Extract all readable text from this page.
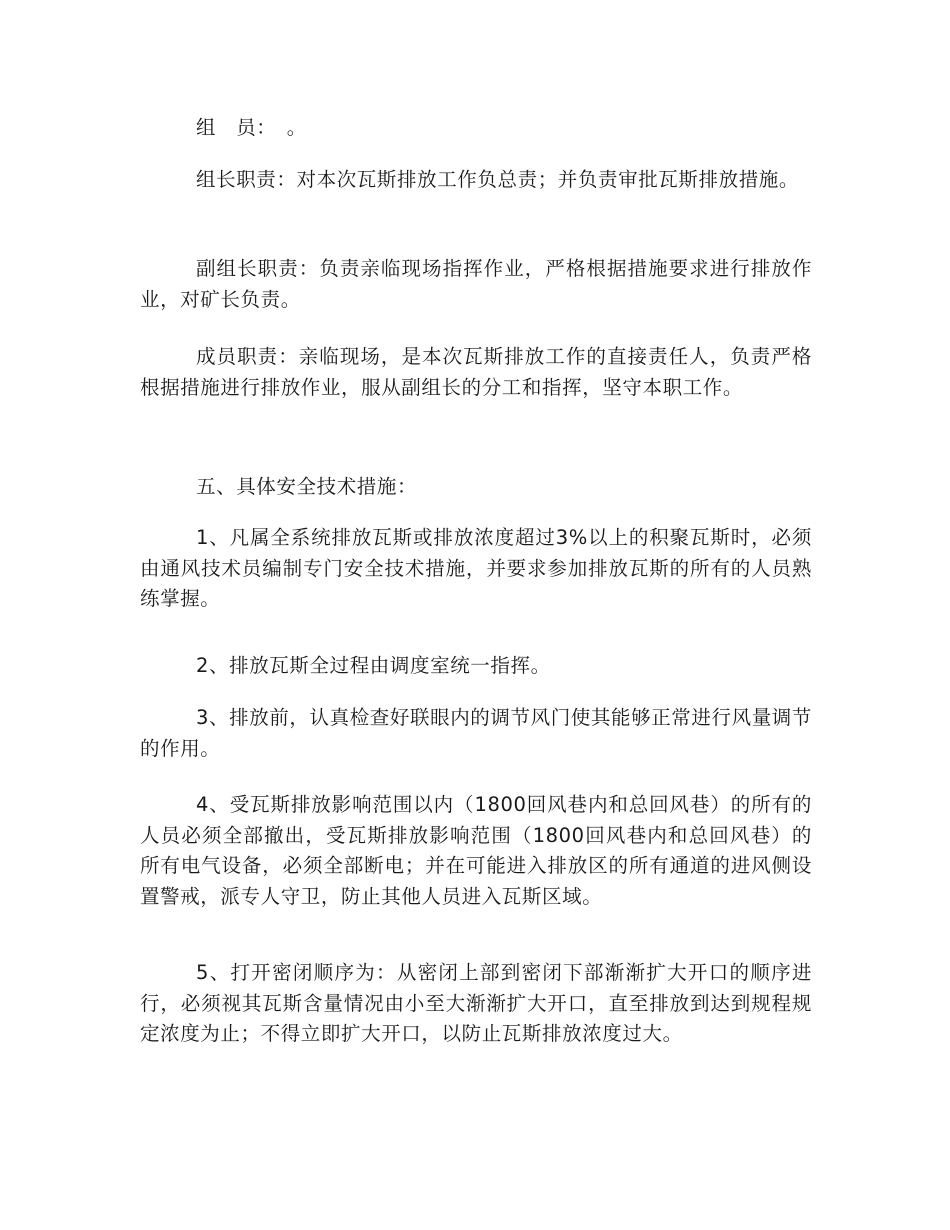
组　员：　。

组长职责：对本次瓦斯排放工作负总责；并负责审批瓦斯排放措施。

副组长职责：负责亲临现场指挥作业，严格根据措施要求进行排放作业，对矿长负责。

成员职责：亲临现场，是本次瓦斯排放工作的直接责任人，负责严格根据措施进行排放作业，服从副组长的分工和指挥，坚守本职工作。

五、具体安全技术措施：

1、凡属全系统排放瓦斯或排放浓度超过3%以上的积聚瓦斯时，必须由通风技术员编制专门安全技术措施，并要求参加排放瓦斯的所有的人员熟练掌握。

2、排放瓦斯全过程由调度室统一指挥。

3、排放前，认真检查好联眼内的调节风门使其能够正常进行风量调节的作用。

4、受瓦斯排放影响范围以内（1800回风巷内和总回风巷）的所有的人员必须全部撤出，受瓦斯排放影响范围（1800回风巷内和总回风巷）的所有电气设备，必须全部断电；并在可能进入排放区的所有通道的进风侧设置警戒，派专人守卫，防止其他人员进入瓦斯区域。

5、打开密闭顺序为：从密闭上部到密闭下部渐渐扩大开口的顺序进行，必须视其瓦斯含量情况由小至大渐渐扩大开口，直至排放到达到规程规定浓度为止；不得立即扩大开口，以防止瓦斯排放浓度过大。
